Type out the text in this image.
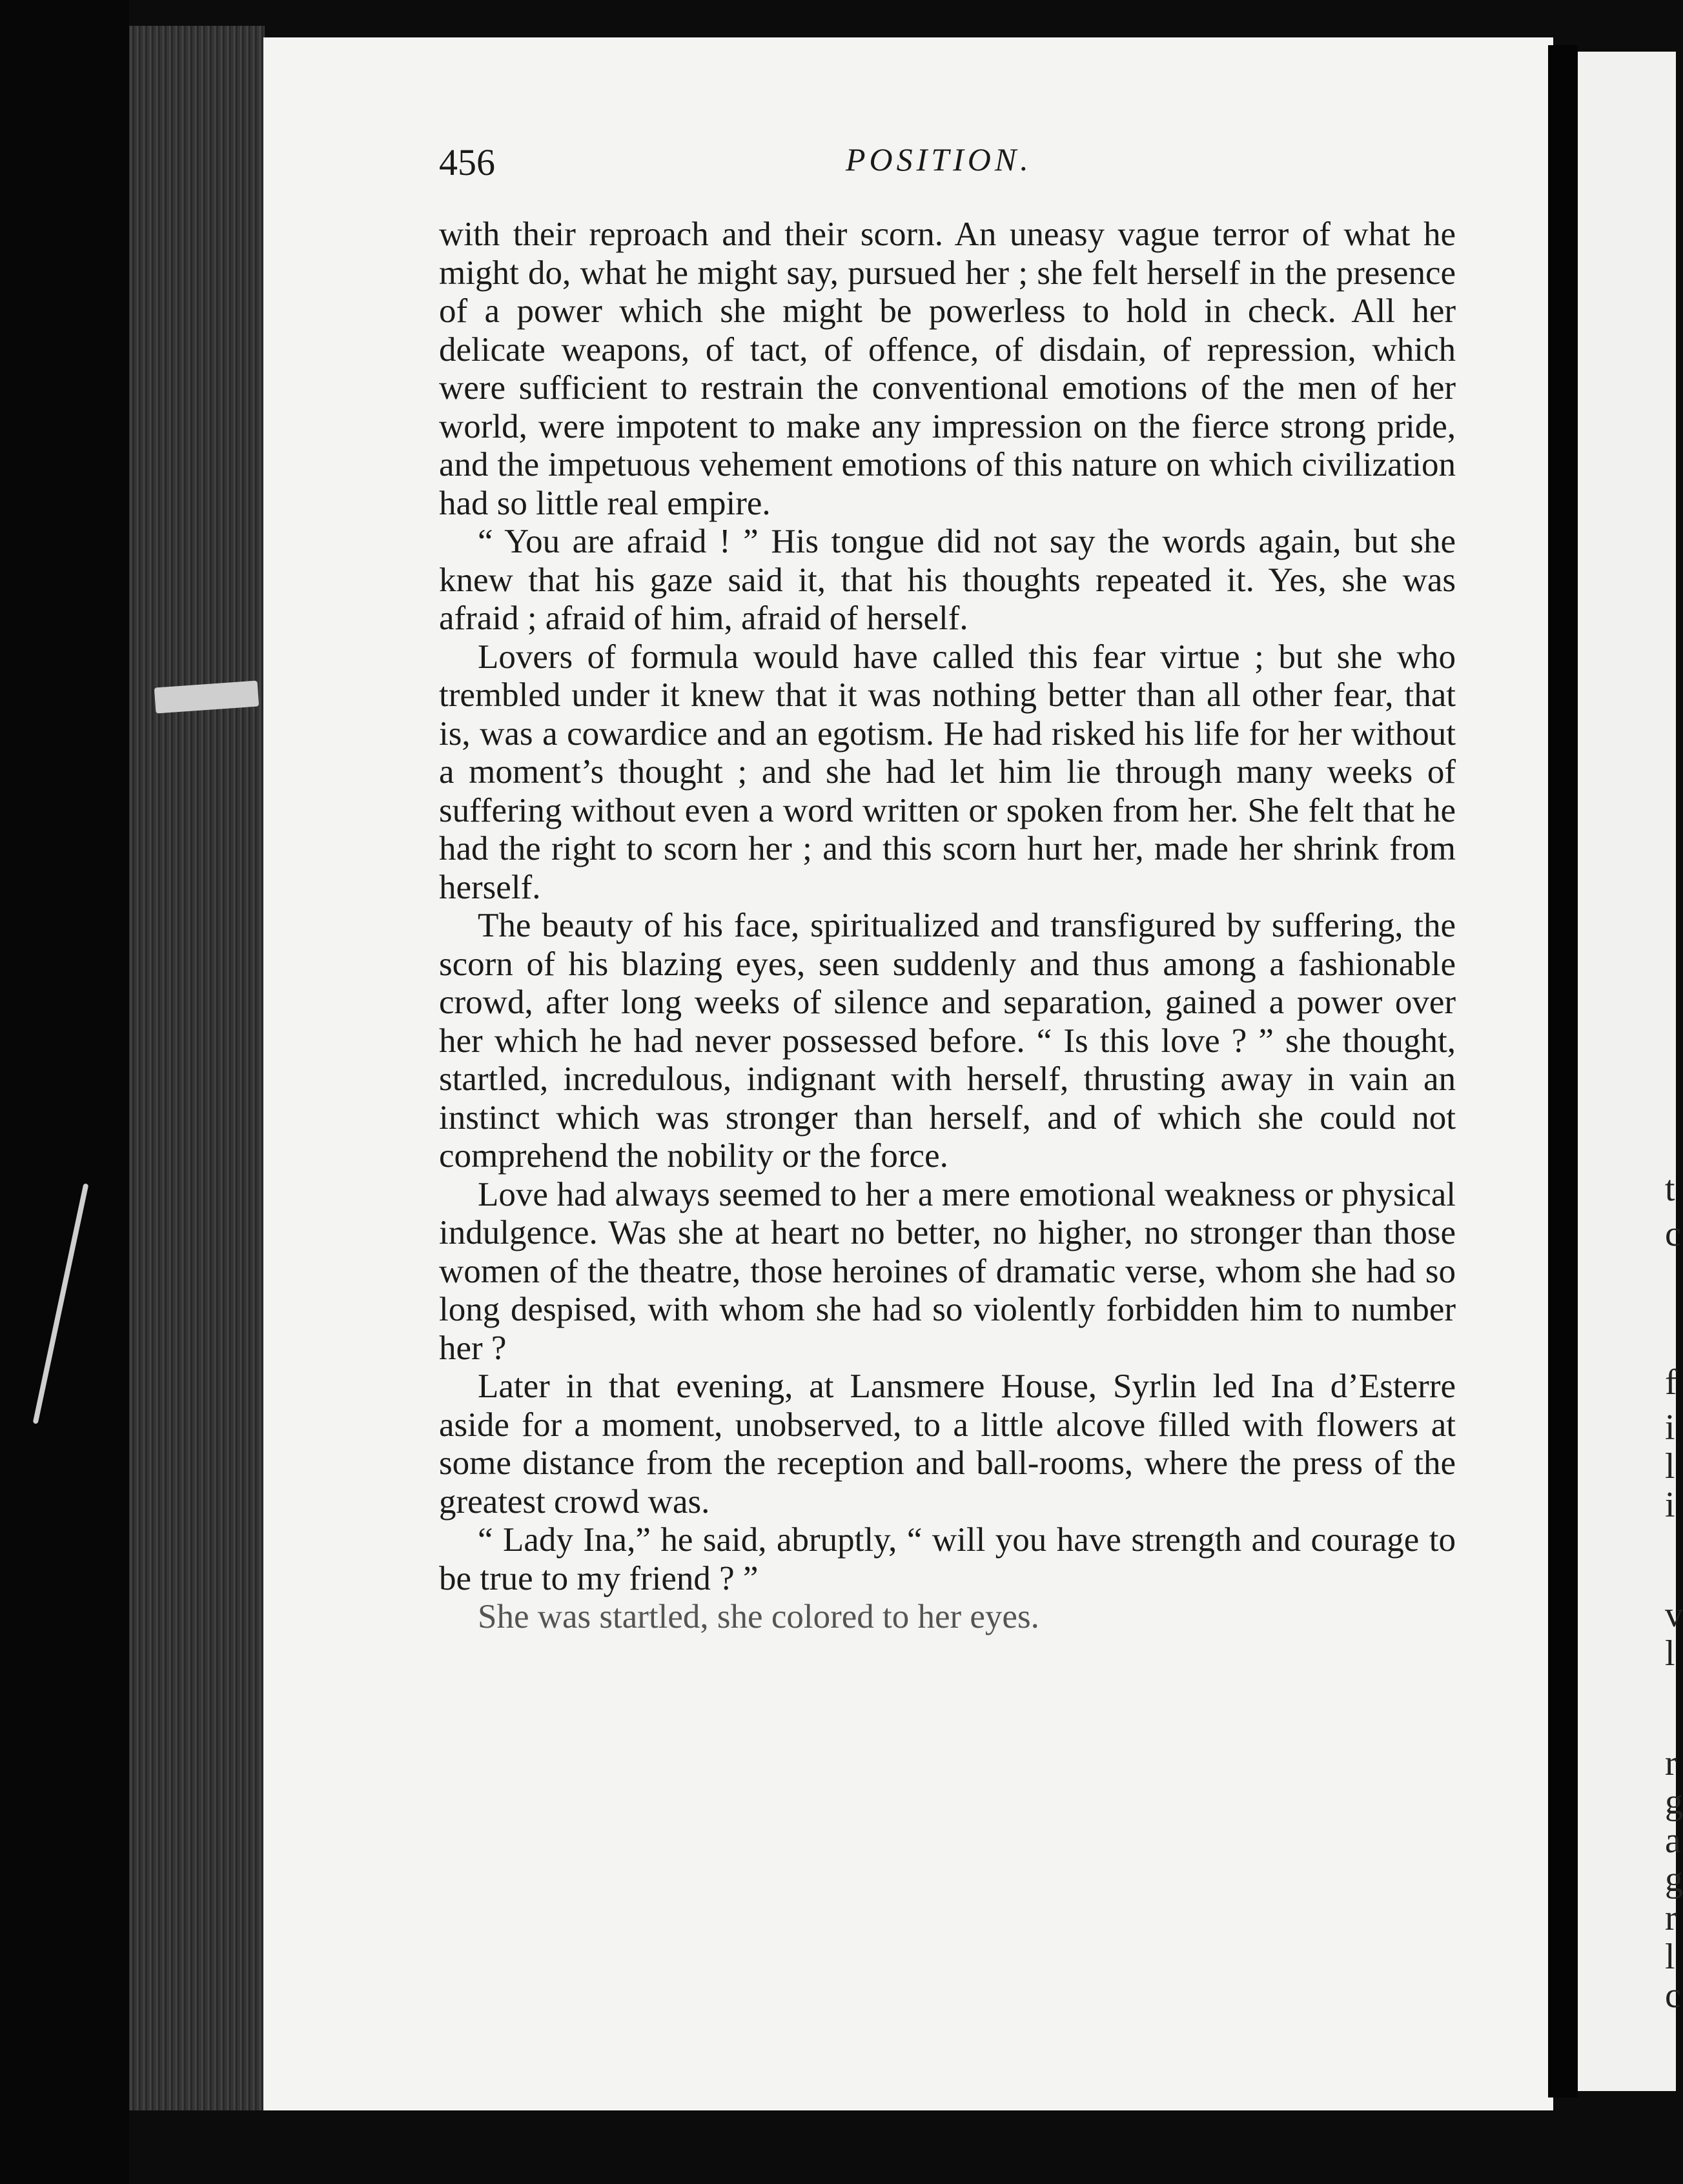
t
c
f
i
l
i
v
l
r
g
a
g
r
l
c
456	POSITION.

with their reproach and their scorn. An uneasy vague terror of what he might do, what he might say, pursued her ; she felt herself in the presence of a power which she might be powerless to hold in check. All her delicate weapons, of tact, of offence, of disdain, of repression, which were sufficient to restrain the conventional emotions of the men of her world, were impotent to make any impression on the fierce strong pride, and the impetuous vehement emotions of this nature on which civilization had so little real empire.

“ You are afraid ! ” His tongue did not say the words again, but she knew that his gaze said it, that his thoughts repeated it. Yes, she was afraid ; afraid of him, afraid of herself.

Lovers of formula would have called this fear virtue ; but she who trembled under it knew that it was nothing better than all other fear, that is, was a cowardice and an egotism. He had risked his life for her without a moment’s thought ; and she had let him lie through many weeks of suffering without even a word written or spoken from her. She felt that he had the right to scorn her ; and this scorn hurt her, made her shrink from herself.

The beauty of his face, spiritualized and transfigured by suffering, the scorn of his blazing eyes, seen suddenly and thus among a fashionable crowd, after long weeks of silence and separation, gained a power over her which he had never possessed before. “ Is this love ? ” she thought, startled, incredulous, indignant with herself, thrusting away in vain an instinct which was stronger than herself, and of which she could not comprehend the nobility or the force.

Love had always seemed to her a mere emotional weakness or physical indulgence. Was she at heart no better, no higher, no stronger than those women of the theatre, those heroines of dramatic verse, whom she had so long despised, with whom she had so violently forbidden him to number her ?

Later in that evening, at Lansmere House, Syrlin led Ina d’Esterre aside for a moment, unobserved, to a little alcove filled with flowers at some distance from the reception and ball-rooms, where the press of the greatest crowd was.

“ Lady Ina,” he said, abruptly, “ will you have strength and courage to be true to my friend ? ”

She was startled, she colored to her eyes.
